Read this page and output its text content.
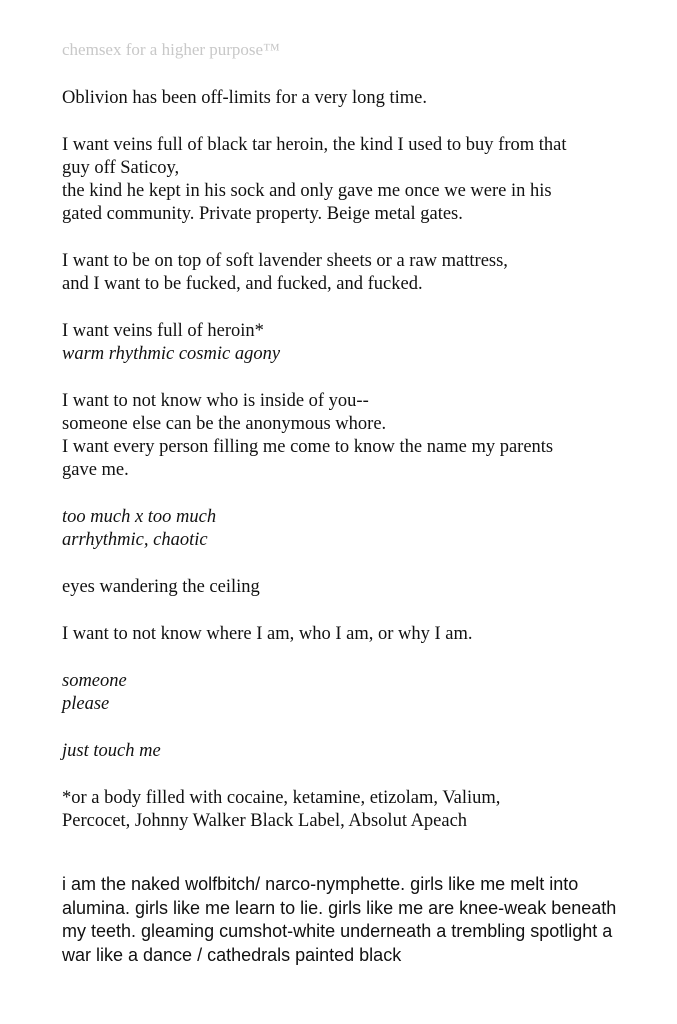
chemsex for a higher purpose™
Oblivion has been off-limits for a very long time.
I want veins full of black tar heroin, the kind I used to buy from that
guy off Saticoy,
the kind he kept in his sock and only gave me once we were in his
gated community. Private property. Beige metal gates.
I want to be on top of soft lavender sheets or a raw mattress,
and I want to be fucked, and fucked, and fucked.
I want veins full of heroin*
warm rhythmic cosmic agony
I want to not know who is inside of you--
someone else can be the anonymous whore.
I want every person filling me come to know the name my parents
gave me.
too much x too much
arrhythmic, chaotic
eyes wandering the ceiling
I want to not know where I am, who I am, or why I am.
someone
please
just touch me
*or a body filled with cocaine, ketamine, etizolam, Valium,
Percocet, Johnny Walker Black Label, Absolut Apeach

i am the naked wolfbitch/ narco-nymphette. girls like me melt into alumina. girls like me learn to lie. girls like me are knee-weak beneath my teeth. gleaming cumshot-white underneath a trembling spotlight a war like a dance / cathedrals painted black
